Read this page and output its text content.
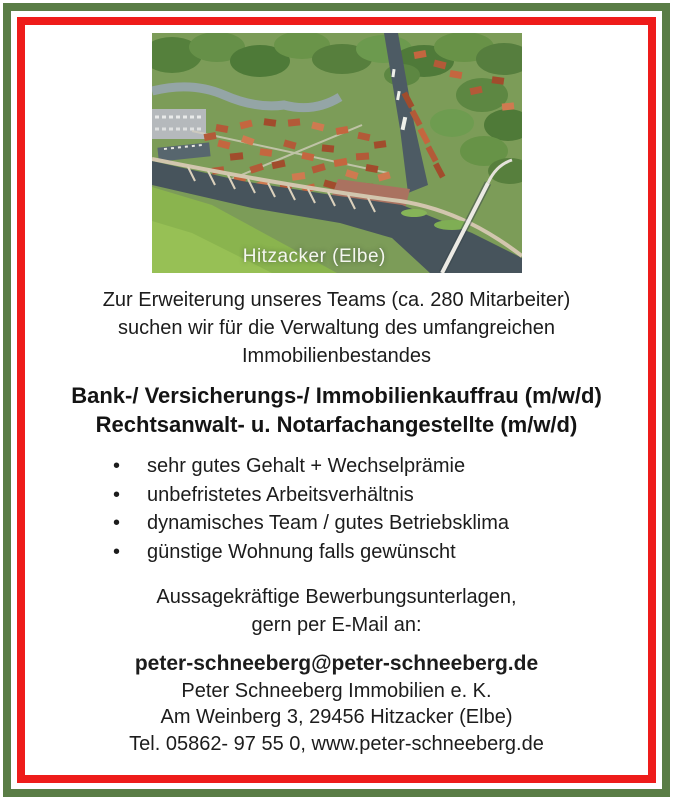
Hitzacker (Elbe)
Zur Erweiterung unseres Teams (ca. 280 Mitarbeiter)
suchen wir für die Verwaltung des umfangreichen
Immobilienbestandes
Bank-/ Versicherungs-/ Immobilienkauffrau (m/w/d)
Rechtsanwalt- u. Notarfachangestellte (m/w/d)
•	sehr gutes Gehalt + Wechselprämie
•	unbefristetes Arbeitsverhältnis
•	dynamisches Team / gutes Betriebsklima
•	günstige Wohnung falls gewünscht
Aussagekräftige Bewerbungsunterlagen,
gern per E-Mail an:
peter-schneeberg@peter-schneeberg.de
Peter Schneeberg Immobilien e. K.
Am Weinberg 3, 29456 Hitzacker (Elbe)
Tel. 05862- 97 55 0, www.peter-schneeberg.de
